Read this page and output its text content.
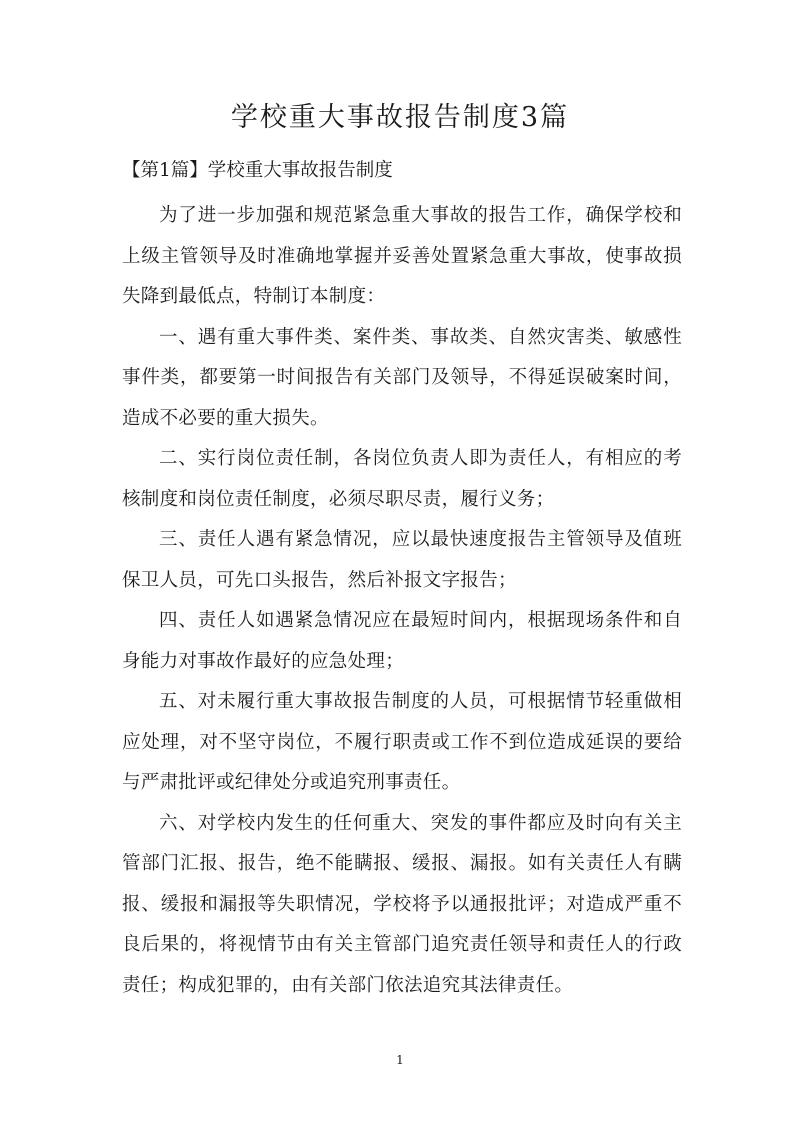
学校重大事故报告制度3篇

【第1篇】学校重大事故报告制度

为了进一步加强和规范紧急重大事故的报告工作，确保学校和上级主管领导及时准确地掌握并妥善处置紧急重大事故，使事故损失降到最低点，特制订本制度：

一、遇有重大事件类、案件类、事故类、自然灾害类、敏感性事件类，都要第一时间报告有关部门及领导，不得延误破案时间，造成不必要的重大损失。

二、实行岗位责任制，各岗位负责人即为责任人，有相应的考核制度和岗位责任制度，必须尽职尽责，履行义务；

三、责任人遇有紧急情况，应以最快速度报告主管领导及值班保卫人员，可先口头报告，然后补报文字报告；

四、责任人如遇紧急情况应在最短时间内，根据现场条件和自身能力对事故作最好的应急处理；

五、对未履行重大事故报告制度的人员，可根据情节轻重做相应处理，对不坚守岗位，不履行职责或工作不到位造成延误的要给与严肃批评或纪律处分或追究刑事责任。

六、对学校内发生的任何重大、突发的事件都应及时向有关主管部门汇报、报告，绝不能瞒报、缓报、漏报。如有关责任人有瞒报、缓报和漏报等失职情况，学校将予以通报批评；对造成严重不良后果的，将视情节由有关主管部门追究责任领导和责任人的行政责任；构成犯罪的，由有关部门依法追究其法律责任。

1
